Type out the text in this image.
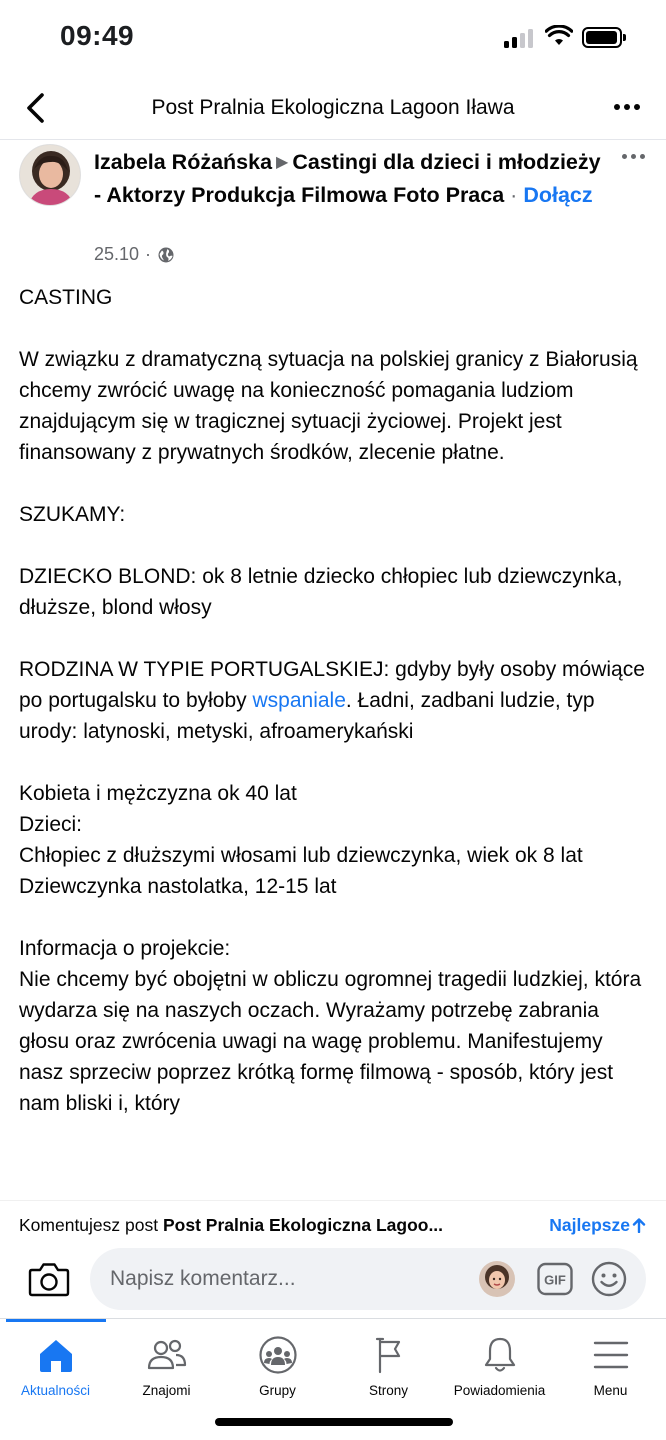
09:49
Post Pralnia Ekologiczna Lagoon Iława
Izabela Różańska ▶ Castingi dla dzieci i młodzieży - Aktorzy Produkcja Filmowa Foto Praca · Dołącz
25.10 ·

CASTING

W związku z dramatyczną sytuacja na polskiej granicy z Białorusią chcemy zwrócić uwagę na konieczność pomagania ludziom znajdującym się w tragicznej sytuacji życiowej. Projekt jest finansowany z prywatnych środków, zlecenie płatne.

SZUKAMY:

DZIECKO BLOND: ok 8 letnie dziecko chłopiec lub dziewczynka, dłuższe, blond włosy

RODZINA W TYPIE PORTUGALSKIEJ: gdyby były osoby mówiące po portugalsku to byłoby wspaniale. Ładni, zadbani ludzie, typ urody: latynoski, metyski, afroamerykański

Kobieta i mężczyzna ok 40 lat
Dzieci:
Chłopiec z dłuższymi włosami lub dziewczynka, wiek ok 8 lat
Dziewczynka nastolatka, 12-15 lat

Informacja o projekcie:
Nie chcemy być obojętni w obliczu ogromnej tragedii ludzkiej, która wydarza się na naszych oczach. Wyrażamy potrzebę zabrania głosu oraz zwrócenia uwagi na wagę problemu. Manifestujemy nasz sprzeciw poprzez krótką formę filmową - sposób, który jest nam bliski i, który

Komentujesz post Post Pralnia Ekologiczna Lagoo...	Najlepsze
Napisz komentarz...
GIF
Aktualności	Znajomi	Grupy	Strony	Powiadomienia	Menu
